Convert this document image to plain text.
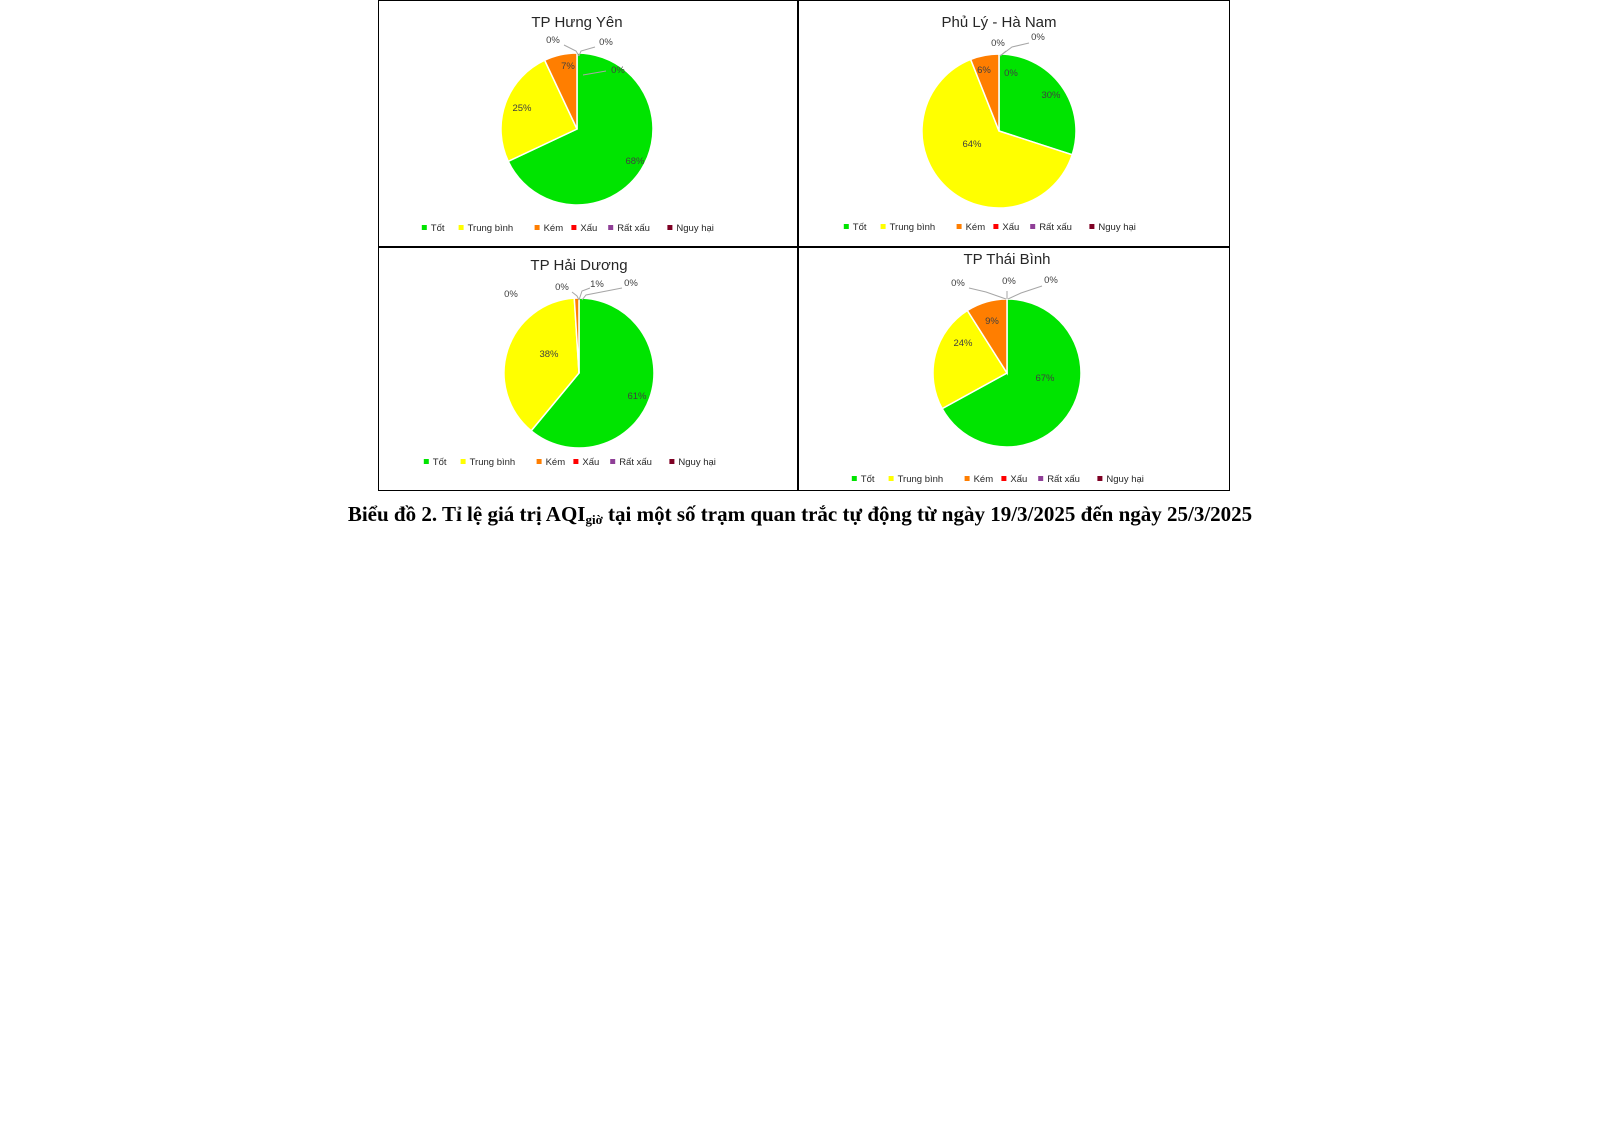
TP Hưng Yên
68%
25%
7%
0%	0%
0%
Tốt Trung bình	Kém Xấu Rất xấu	Nguy hại
Phủ Lý - Hà Nam
30%
64%
6% 0%
0%
0%
Tốt Trung bình	Kém Xấu Rất xấu	Nguy hại
TP Hải Dương
61%
38%
0%
0% 1% 0%
Tốt Trung bình	Kém Xấu Rất xấu	Nguy hại
TP Thái Bình
67%
24%
9%
0%	0%	0%
Tốt Trung bình	Kém Xấu Rất xấu	Nguy hại
Biểu đồ 2. Tỉ lệ giá trị $AQI_{giờ}$ tại một số trạm quan trắc tự động từ ngày 19/3/2025 đến ngày 25/3/2025
